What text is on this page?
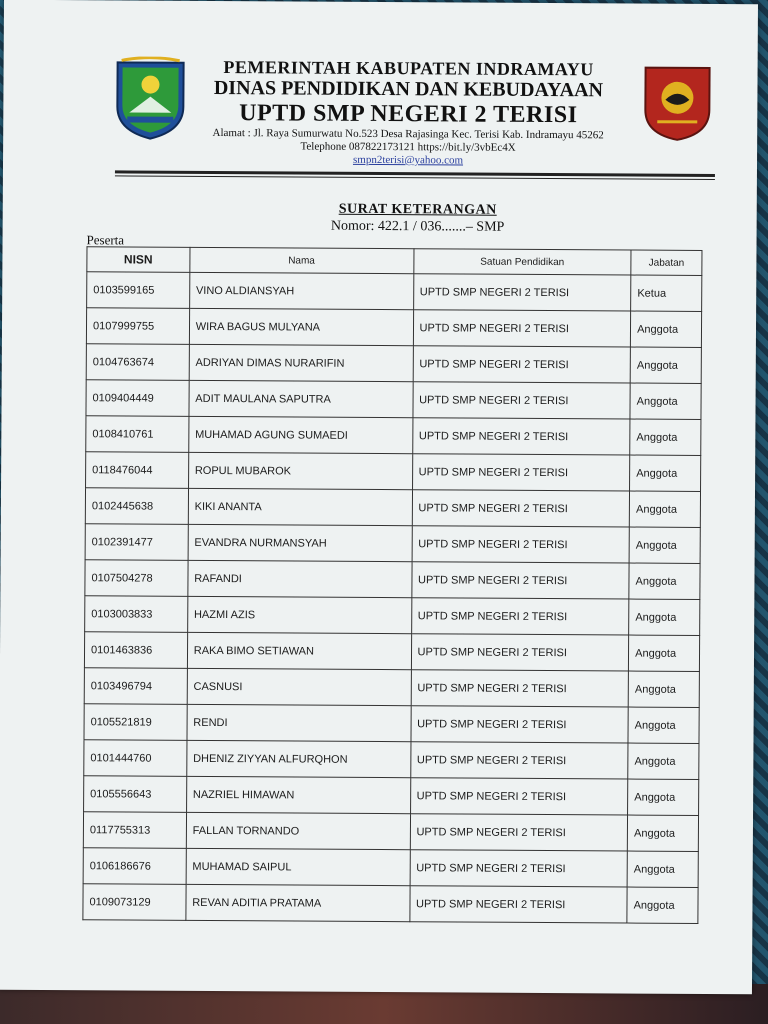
PEMERINTAH KABUPATEN INDRAMAYU
DINAS PENDIDIKAN DAN KEBUDAYAAN
UPTD SMP NEGERI 2 TERISI
Alamat : Jl. Raya Sumurwatu No.523 Desa Rajasinga Kec. Terisi Kab. Indramayu 45262
Telephone 087822173121 https://bit.ly/3vbEc4X
smpn2terisi@yahoo.com
SURAT KETERANGAN
Nomor: 422.1 / 036.......– SMP
Peserta
NISN	Nama	Satuan Pendidikan	Jabatan
0103599165	VINO ALDIANSYAH	UPTD SMP NEGERI 2 TERISI	Ketua
0107999755	WIRA BAGUS MULYANA	UPTD SMP NEGERI 2 TERISI	Anggota
0104763674	ADRIYAN DIMAS NURARIFIN	UPTD SMP NEGERI 2 TERISI	Anggota
0109404449	ADIT MAULANA SAPUTRA	UPTD SMP NEGERI 2 TERISI	Anggota
0108410761	MUHAMAD AGUNG SUMAEDI	UPTD SMP NEGERI 2 TERISI	Anggota
0118476044	ROPUL MUBAROK	UPTD SMP NEGERI 2 TERISI	Anggota
0102445638	KIKI ANANTA	UPTD SMP NEGERI 2 TERISI	Anggota
0102391477	EVANDRA NURMANSYAH	UPTD SMP NEGERI 2 TERISI	Anggota
0107504278	RAFANDI	UPTD SMP NEGERI 2 TERISI	Anggota
0103003833	HAZMI AZIS	UPTD SMP NEGERI 2 TERISI	Anggota
0101463836	RAKA BIMO SETIAWAN	UPTD SMP NEGERI 2 TERISI	Anggota
0103496794	CASNUSI	UPTD SMP NEGERI 2 TERISI	Anggota
0105521819	RENDI	UPTD SMP NEGERI 2 TERISI	Anggota
0101444760	DHENIZ ZIYYAN ALFURQHON	UPTD SMP NEGERI 2 TERISI	Anggota
0105556643	NAZRIEL HIMAWAN	UPTD SMP NEGERI 2 TERISI	Anggota
0117755313	FALLAN TORNANDO	UPTD SMP NEGERI 2 TERISI	Anggota
0106186676	MUHAMAD SAIPUL	UPTD SMP NEGERI 2 TERISI	Anggota
0109073129	REVAN ADITIA PRATAMA	UPTD SMP NEGERI 2 TERISI	Anggota
